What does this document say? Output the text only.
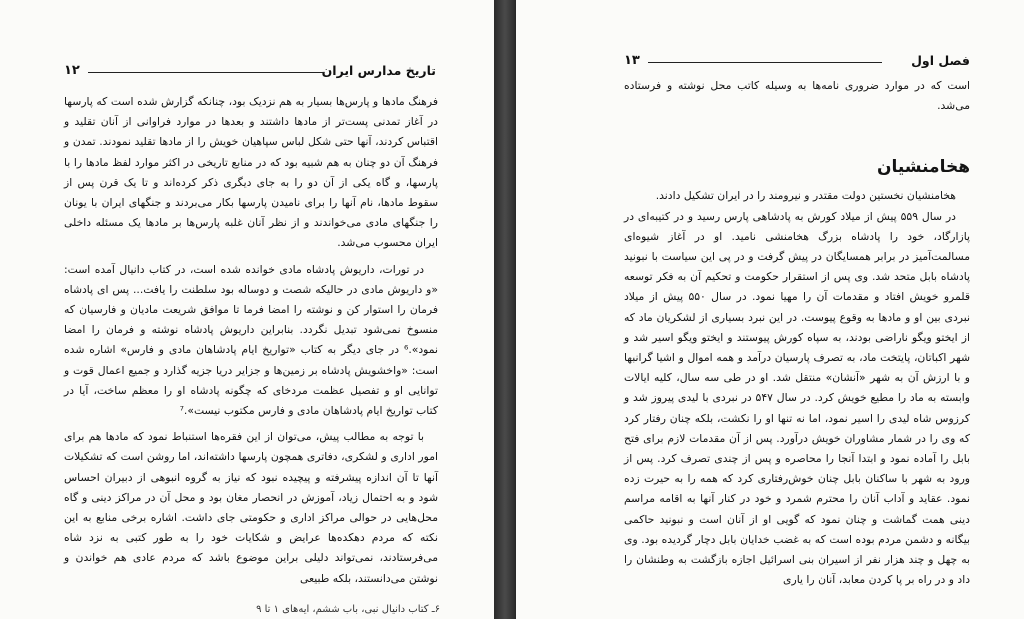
تاریخ مدارس ایران
۱۲

فرهنگ مادها و پارس‌ها بسیار به هم نزدیک بود، چنانکه گزارش شده است که پارسها در آغاز تمدنی پست‌تر از مادها داشتند و بعدها در موارد فراوانی از آنان تقلید و اقتباس کردند، آنها حتی شکل لباس سپاهیان خویش را از مادها تقلید نمودند. تمدن و فرهنگ آن دو چنان به هم شبیه بود که در منابع تاریخی در اکثر موارد لفظ مادها را با پارسها، و گاه یکی از آن دو را به جای دیگری ذکر کرده‌اند و تا یک قرن پس از سقوط مادها، نام آنها را برای نامیدن پارسها بکار می‌بردند و جنگهای ایران با یونان را جنگهای مادی می‌خواندند و از نظر آنان غلبه پارس‌ها بر مادها یک مسئله داخلی ایران محسوب می‌شد.

در تورات، داریوش پادشاه مادی خوانده شده است، در کتاب دانیال آمده است: «و داریوش مادی در حالیکه شصت و دوساله بود سلطنت را یافت... پس ای پادشاه فرمان را استوار کن و نوشته را امضا فرما تا موافق شریعت مادیان و فارسیان که منسوخ نمی‌شود تبدیل نگردد. بنابراین داریوش پادشاه نوشته و فرمان را امضا نمود».⁶ در جای دیگر به کتاب «تواریخ ایام پادشاهان مادی و فارس» اشاره شده است: «واخشویش پادشاه بر زمین‌ها و جزایر دریا جزیه گذارد و جمیع اعمال قوت و توانایی او و تفصیل عظمت مردخای که چگونه پادشاه او را معظم ساخت، آیا در کتاب تواریخ ایام پادشاهان مادی و فارس مکتوب نیست».⁷

با توجه به مطالب پیش، می‌توان از این فقره‌ها استنباط نمود که مادها هم برای امور اداری و لشکری، دفاتری همچون پارسها داشته‌اند، اما روشن است که تشکیلات آنها تا آن اندازه پیشرفته و پیچیده نبود که نیاز به گروه انبوهی از دبیران احساس شود و به احتمال زیاد، آموزش در انحصار مغان بود و محل آن در مراکز دینی و گاه محل‌هایی در حوالی مراکز اداری و حکومتی جای داشت. اشاره برخی منابع به این نکته که مردم دهکده‌ها عرایض و شکایات خود را به طور کتبی به نزد شاه می‌فرستادند، نمی‌تواند دلیلی براین موضوع باشد که مردم عادی هم خواندن و نوشتن می‌دانستند، بلکه طبیعی

۶ـ کتاب دانیال نبی، باب ششم، آیه‌های ۱ تا ۹
فصل اول
۱۳

است که در موارد ضروری نامه‌ها به وسیله کاتب محل نوشته و فرستاده می‌شد.

هخامنشیان

هخامنشیان نخستین دولت مقتدر و نیرومند را در ایران تشکیل دادند.

در سال ۵۵۹ پیش از میلاد کورش به پادشاهی پارس رسید و در کتیبه‌ای در پازارگاد، خود را پادشاه بزرگ هخامنشی نامید. او در آغاز شیوه‌ای مسالمت‌آمیز در برابر همسایگان در پیش گرفت و در پی این سیاست با نبونید پادشاه بابل متحد شد. وی پس از استقرار حکومت و تحکیم آن به فکر توسعه قلمرو خویش افتاد و مقدمات آن را مهیا نمود. در سال ۵۵۰ پیش از میلاد نبردی بین او و مادها به وقوع پیوست. در این نبرد بسیاری از لشکریان ماد که از ایختو ویگو ناراضی بودند، به سپاه کورش پیوستند و ایختو ویگو اسیر شد و شهر اکباتان، پایتخت ماد، به تصرف پارسیان درآمد و همه اموال و اشیا گرانبها و با ارزش آن به شهر «آنشان» منتقل شد. او در طی سه سال، کلیه ایالات وابسته به ماد را مطیع خویش کرد. در سال ۵۴۷ در نبردی با لیدی پیروز شد و کرزوس شاه لیدی را اسیر نمود، اما نه تنها او را نکشت، بلکه چنان رفتار کرد که وی را در شمار مشاوران خویش درآورد. پس از آن مقدمات لازم برای فتح بابل را آماده نمود و ابتدا آنجا را محاصره و پس از چندی تصرف کرد. پس از ورود به شهر با ساکنان بابل چنان خوش‌رفتاری کرد که همه را به حیرت زده نمود. عقاید و آداب آنان را محترم شمرد و خود در کنار آنها به اقامه مراسم دینی همت گماشت و چنان نمود که گویی او از آنان است و نبونید حاکمی بیگانه و دشمن مردم بوده است که به غضب خدایان بابل دچار گردیده بود. وی به چهل و چند هزار نفر از اسیران بنی اسرائیل اجازه بازگشت به وطنشان را داد و در راه بر پا کردن معابد، آنان را یاری
